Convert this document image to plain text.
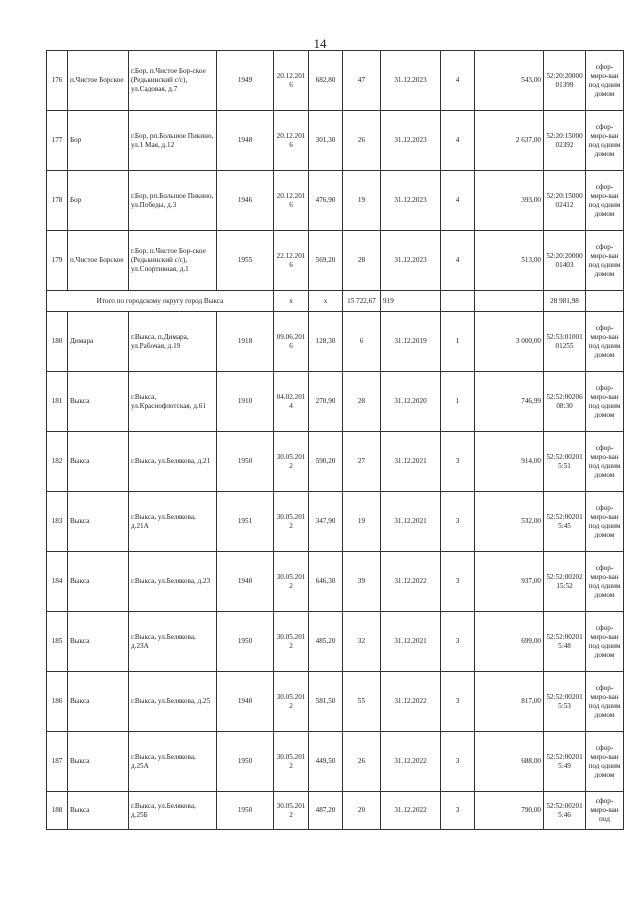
14
176	п.Чистое Борское	г.Бор, п.Чистое Бор-ское (Редькинский с/с), ул.Садовая, д.7	1949	20.12.2016	682,80	47	31.12.2023	4	543,00	52:20:2000001399	сфор-миро-ван под одним домом
177	Бор	г.Бор, рп.Большое Пикино, ул.1 Мая, д.12	1948	20.12.2016	301,30	26	31.12.2023	4	2 637,00	52:20:1500002392	сфор-миро-ван под одним домом
178	Бор	г.Бор, рп.Большое Пикино, ул.Победы, д.3	1946	20.12.2016	476,90	19	31.12.2023	4	393,00	52:20:1500002412	сфор-миро-ван под одним домом
179	п.Чистое Борское	г.Бор, п.Чистое Бор-ское (Редькинский с/с), ул.Спортивная, д.1	1955	22.12.2016	569,20	28	31.12.2023	4	513,00	52:20:2000001403	сфор-миро-ван под одним домом
Итого по городскому округу город Выкса				х	х	15 722,67	919			28 981,98	
180	Димара	г.Выкса, п.Димара, ул.Рабочая, д.19	1918	09.06.2016	128,30	6	31.12.2019	1	3 000,00	52:53:0100101255	сфор-миро-ван под одним домом
181	Выкса	г.Выкса, ул.Краснофлотская, д.61	1910	04.02.2014	270,90	28	31.12.2020	1	746,99	52:52:0020608:30	сфор-миро-ван под одним домом
182	Выкса	г.Выкса, ул.Белякова, д.21	1950	30.05.2012	590,20	27	31.12.2021	3	914,00	52:52:002015:51	сфор-миро-ван под одним домом
183	Выкса	г.Выкса, ул.Белякова, д.21А	1951	30.05.2012	347,90	19	31.12.2021	3	532,00	52:52:002015:45	сфор-миро-ван под одним домом
184	Выкса	г.Выкса, ул.Белякова, д.23	1940	30.05.2012	646,30	39	31.12.2022	3	937,00	52:52:0020215:52	сфор-миро-ван под одним домом
185	Выкса	г.Выкса, ул.Белякова, д.23А	1950	30.05.2012	485,20	32	31.12.2021	3	699,00	52:52:002015:48	сфор-миро-ван под одним домом
186	Выкса	г.Выкса, ул.Белякова, д.25	1940	30.05.2012	581,50	55	31.12.2022	3	817,00	52:52:002015:53	сфор-миро-ван под одним домом
187	Выкса	г.Выкса, ул.Белякова, д.25А	1950	30.05.2012	449,50	26	31.12.2022	3	688,00	52:52:002015:49	сфор-миро-ван под одним домом
188	Выкса	г.Выкса, ул.Белякова, д.25Б	1950	30.05.2012	487,20	20	31.12.2022	3	790,00	52:52:002015:46	сфор-миро-ван под
